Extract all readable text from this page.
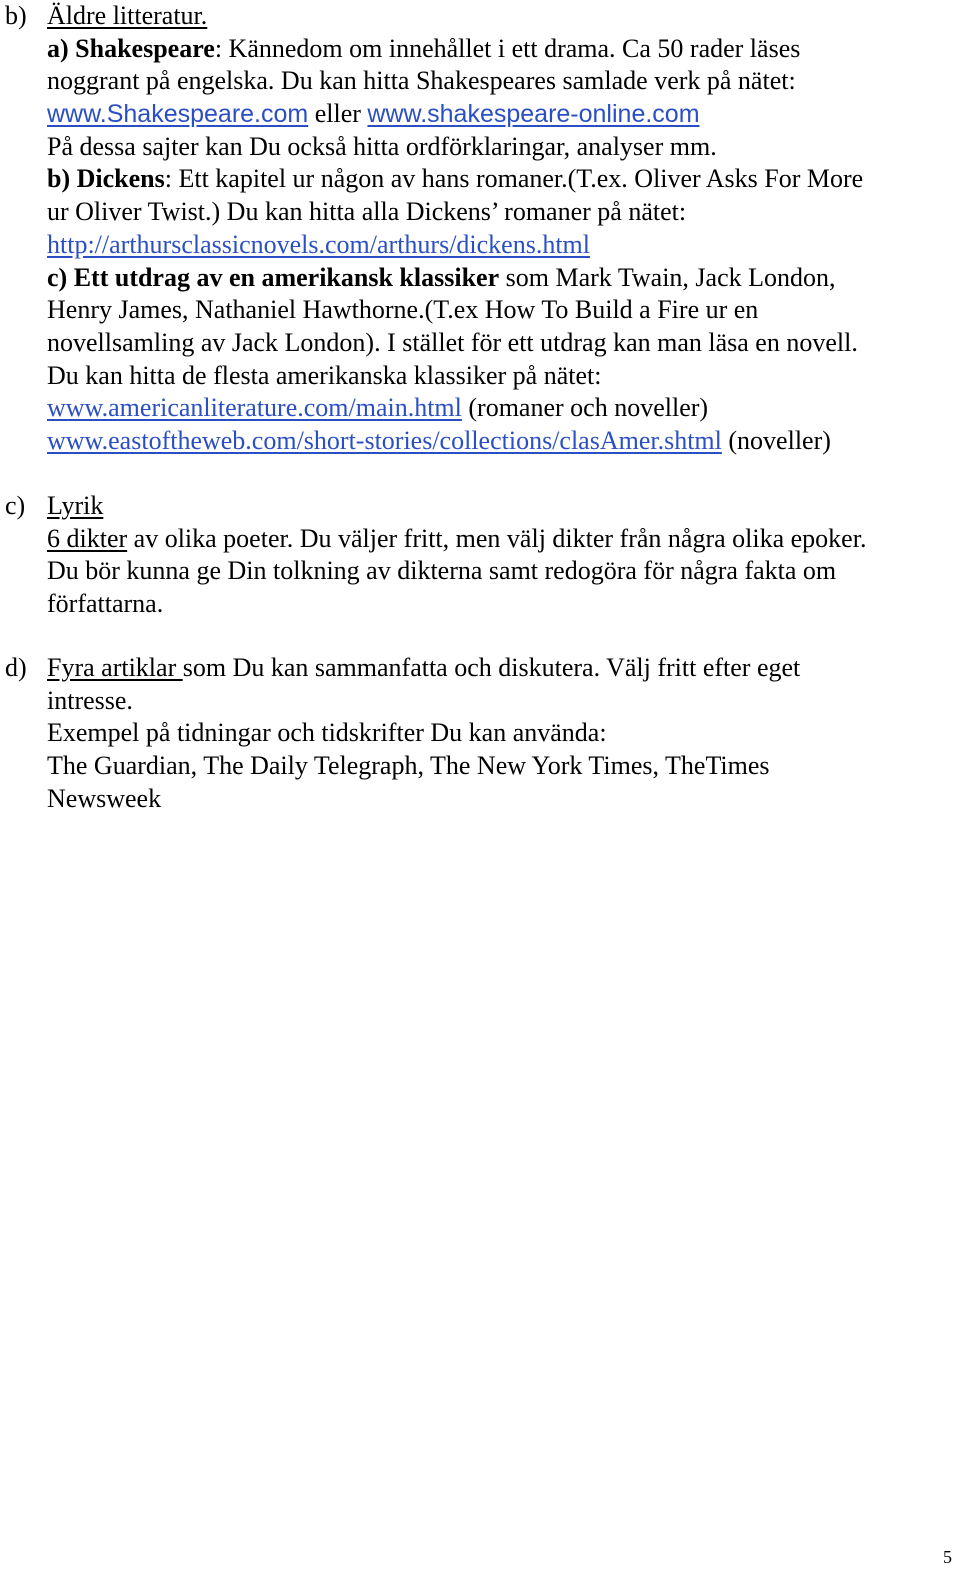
b) Äldre litteratur.
a) Shakespeare: Kännedom om innehållet i ett drama. Ca 50 rader läses
noggrant på engelska. Du kan hitta Shakespeares samlade verk på nätet:
www.Shakespeare.com eller www.shakespeare-online.com
På dessa sajter kan Du också hitta ordförklaringar, analyser mm.
b) Dickens: Ett kapitel ur någon av hans romaner.(T.ex. Oliver Asks For More
ur Oliver Twist.) Du kan hitta alla Dickens’ romaner på nätet:
http://arthursclassicnovels.com/arthurs/dickens.html
c) Ett utdrag av en amerikansk klassiker som Mark Twain, Jack London,
Henry James, Nathaniel Hawthorne.(T.ex How To Build a Fire ur en
novellsamling av Jack London). I stället för ett utdrag kan man läsa en novell.
Du kan hitta de flesta amerikanska klassiker på nätet:
www.americanliterature.com/main.html (romaner och noveller)
www.eastoftheweb.com/short-stories/collections/clasAmer.shtml (noveller)
c) Lyrik
6 dikter av olika poeter. Du väljer fritt, men välj dikter från några olika epoker.
Du bör kunna ge Din tolkning av dikterna samt redogöra för några fakta om
författarna.
d) Fyra artiklar som Du kan sammanfatta och diskutera. Välj fritt efter eget
intresse.
Exempel på tidningar och tidskrifter Du kan använda:
The Guardian, The Daily Telegraph, The New York Times, TheTimes
Newsweek
5
